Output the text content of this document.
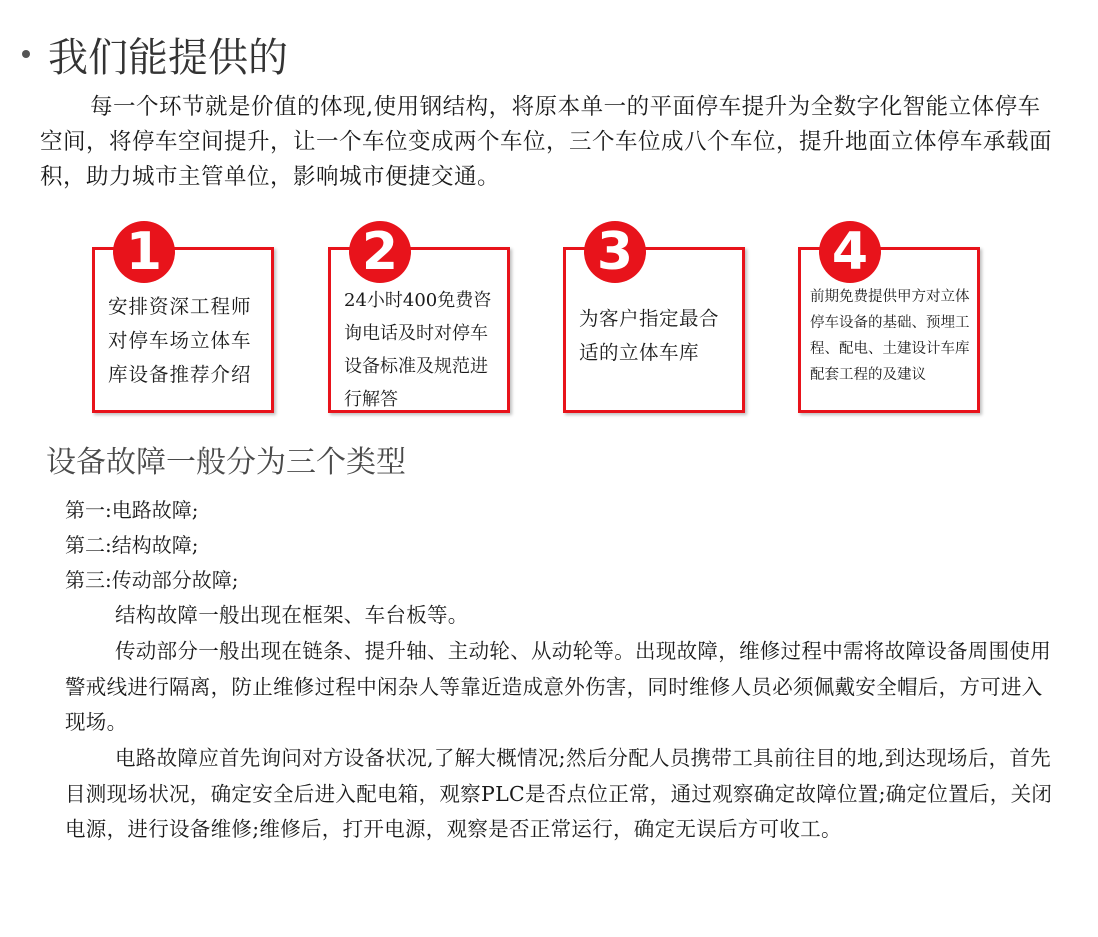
我们能提供的

每一个环节就是价值的体现,使用钢结构，将原本单一的平面停车提升为全数字化智能立体停车空间，将停车空间提升，让一个车位变成两个车位，三个车位成八个车位，提升地面立体停车承载面积，助力城市主管单位，影响城市便捷交通。

1
安排资深工程师对停车场立体车库设备推荐介绍
2
24小时400免费咨询电话及时对停车设备标准及规范进行解答
3
为客户指定最合适的立体车库
4
前期免费提供甲方对立体停车设备的基础、预埋工程、配电、土建设计车库配套工程的及建议
设备故障一般分为三个类型
第一:电路故障;
第二:结构故障;
第三:传动部分故障;

结构故障一般出现在框架、车台板等。

传动部分一般出现在链条、提升轴、主动轮、从动轮等。出现故障，维修过程中需将故障设备周围使用警戒线进行隔离，防止维修过程中闲杂人等靠近造成意外伤害，同时维修人员必须佩戴安全帽后，方可进入现场。

电路故障应首先询问对方设备状况,了解大概情况;然后分配人员携带工具前往目的地,到达现场后，首先目测现场状况，确定安全后进入配电箱，观察PLC是否点位正常，通过观察确定故障位置;确定位置后，关闭电源，进行设备维修;维修后，打开电源，观察是否正常运行，确定无误后方可收工。
